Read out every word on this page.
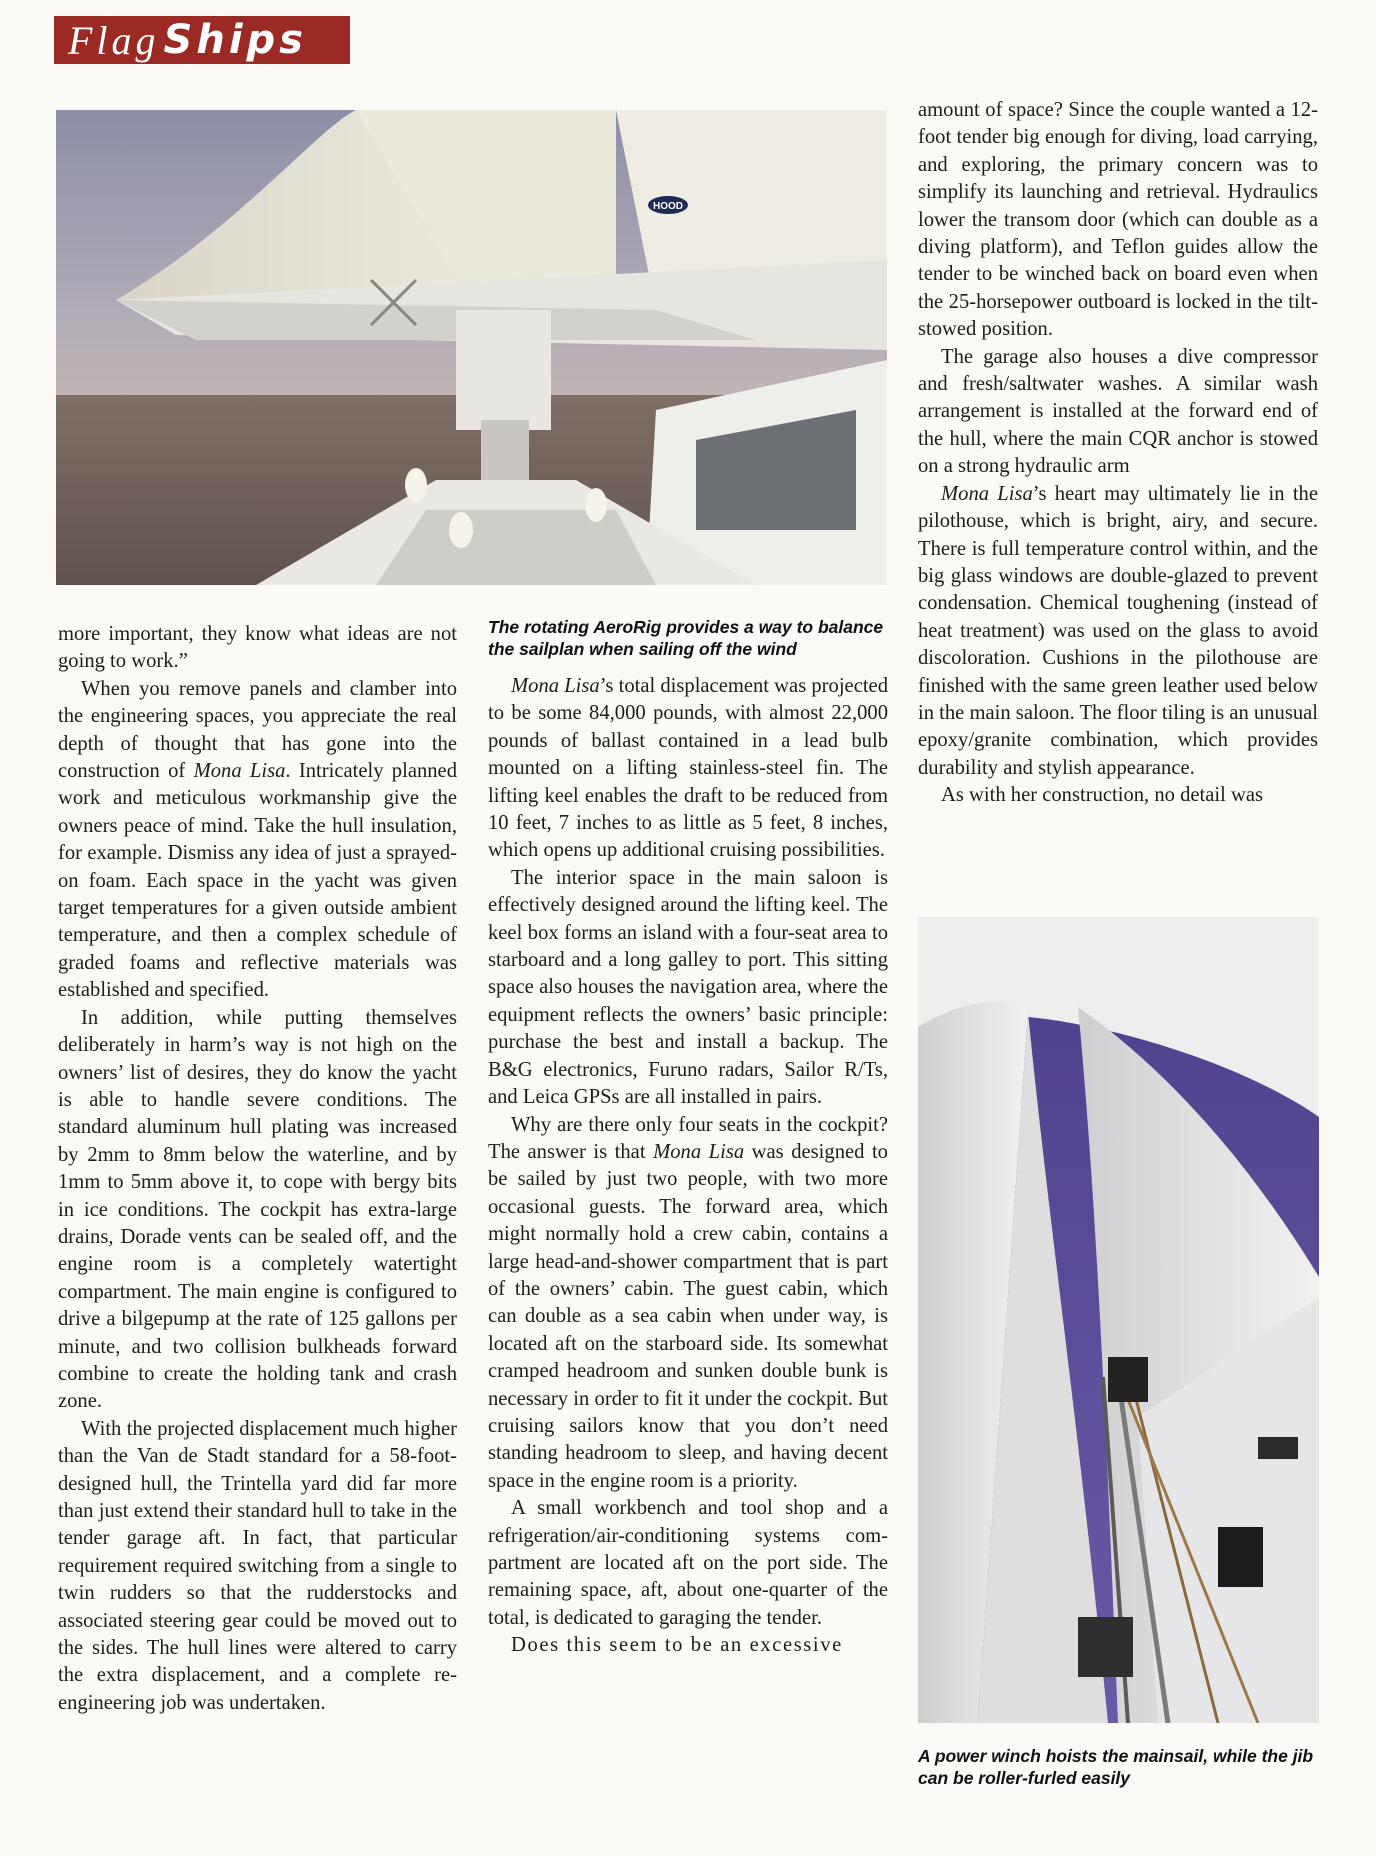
Flag Ships
HOOD
The rotating AeroRig provides a way to balance the sailplan when sailing off the wind

more important, they know what ideas are not going to work.”

When you remove panels and clamber into the engineering spaces, you appreciate the real depth of thought that has gone into the construction of Mona Lisa. Intricately planned work and meticulous workmanship give the owners peace of mind. Take the hull insulation, for example. Dismiss any idea of just a sprayed-on foam. Each space in the yacht was given target temperatures for a given outside ambient temperature, and then a complex schedule of graded foams and reflective materials was established and specified.

In addition, while putting themselves deliberately in harm’s way is not high on the owners’ list of desires, they do know the yacht is able to handle severe conditions. The standard aluminum hull plating was increased by 2mm to 8mm below the waterline, and by 1mm to 5mm above it, to cope with bergy bits in ice conditions. The cockpit has extra-large drains, Dorade vents can be sealed off, and the engine room is a completely watertight compartment. The main engine is configured to drive a bilgepump at the rate of 125 gallons per minute, and two collision bulkheads forward combine to create the holding tank and crash zone.

With the projected displacement much higher than the Van de Stadt standard for a 58-foot-designed hull, the Trintella yard did far more than just extend their standard hull to take in the tender garage aft. In fact, that particular requirement required switching from a single to twin rudders so that the rudderstocks and associated steering gear could be moved out to the sides. The hull lines were altered to carry the extra displacement, and a complete re-engineering job was undertaken.

Mona Lisa’s total displacement was projected to be some 84,000 pounds, with almost 22,000 pounds of ballast contained in a lead bulb mounted on a lifting stainless-steel fin. The lifting keel enables the draft to be reduced from 10 feet, 7 inches to as little as 5 feet, 8 inches, which opens up additional cruising possibilities.

The interior space in the main saloon is effectively designed around the lifting keel. The keel box forms an island with a four-seat area to starboard and a long galley to port. This sitting space also houses the navigation area, where the equipment reflects the owners’ basic principle: purchase the best and install a backup. The B&G electronics, Furuno radars, Sailor R/Ts, and Leica GPSs are all installed in pairs.

Why are there only four seats in the cockpit? The answer is that Mona Lisa was designed to be sailed by just two people, with two more occasional guests. The forward area, which might normally hold a crew cabin, contains a large head-and-shower compartment that is part of the owners’ cabin. The guest cabin, which can double as a sea cabin when under way, is located aft on the starboard side. Its somewhat cramped headroom and sunken double bunk is necessary in order to fit it under the cockpit. But cruising sailors know that you don’t need standing headroom to sleep, and having decent space in the engine room is a priority.

A small workbench and tool shop and a refrigeration/air-conditioning systems compartment are located aft on the port side. The remaining space, aft, about one-quarter of the total, is dedicated to garaging the tender.

Does this seem to be an excessive

amount of space? Since the couple wanted a 12-foot tender big enough for diving, load carrying, and exploring, the primary concern was to simplify its launching and retrieval. Hydraulics lower the transom door (which can double as a diving platform), and Teflon guides allow the tender to be winched back on board even when the 25-horsepower outboard is locked in the tilt-stowed position.

The garage also houses a dive compressor and fresh/saltwater washes. A similar wash arrangement is installed at the forward end of the hull, where the main CQR anchor is stowed on a strong hydraulic arm

Mona Lisa’s heart may ultimately lie in the pilothouse, which is bright, airy, and secure. There is full temperature control within, and the big glass windows are double-glazed to prevent condensation. Chemical toughening (instead of heat treatment) was used on the glass to avoid discoloration. Cushions in the pilothouse are finished with the same green leather used below in the main saloon. The floor tiling is an unusual epoxy/granite combination, which provides durability and stylish appearance.

As with her construction, no detail was

A power winch hoists the mainsail, while the jib can be roller-furled easily
